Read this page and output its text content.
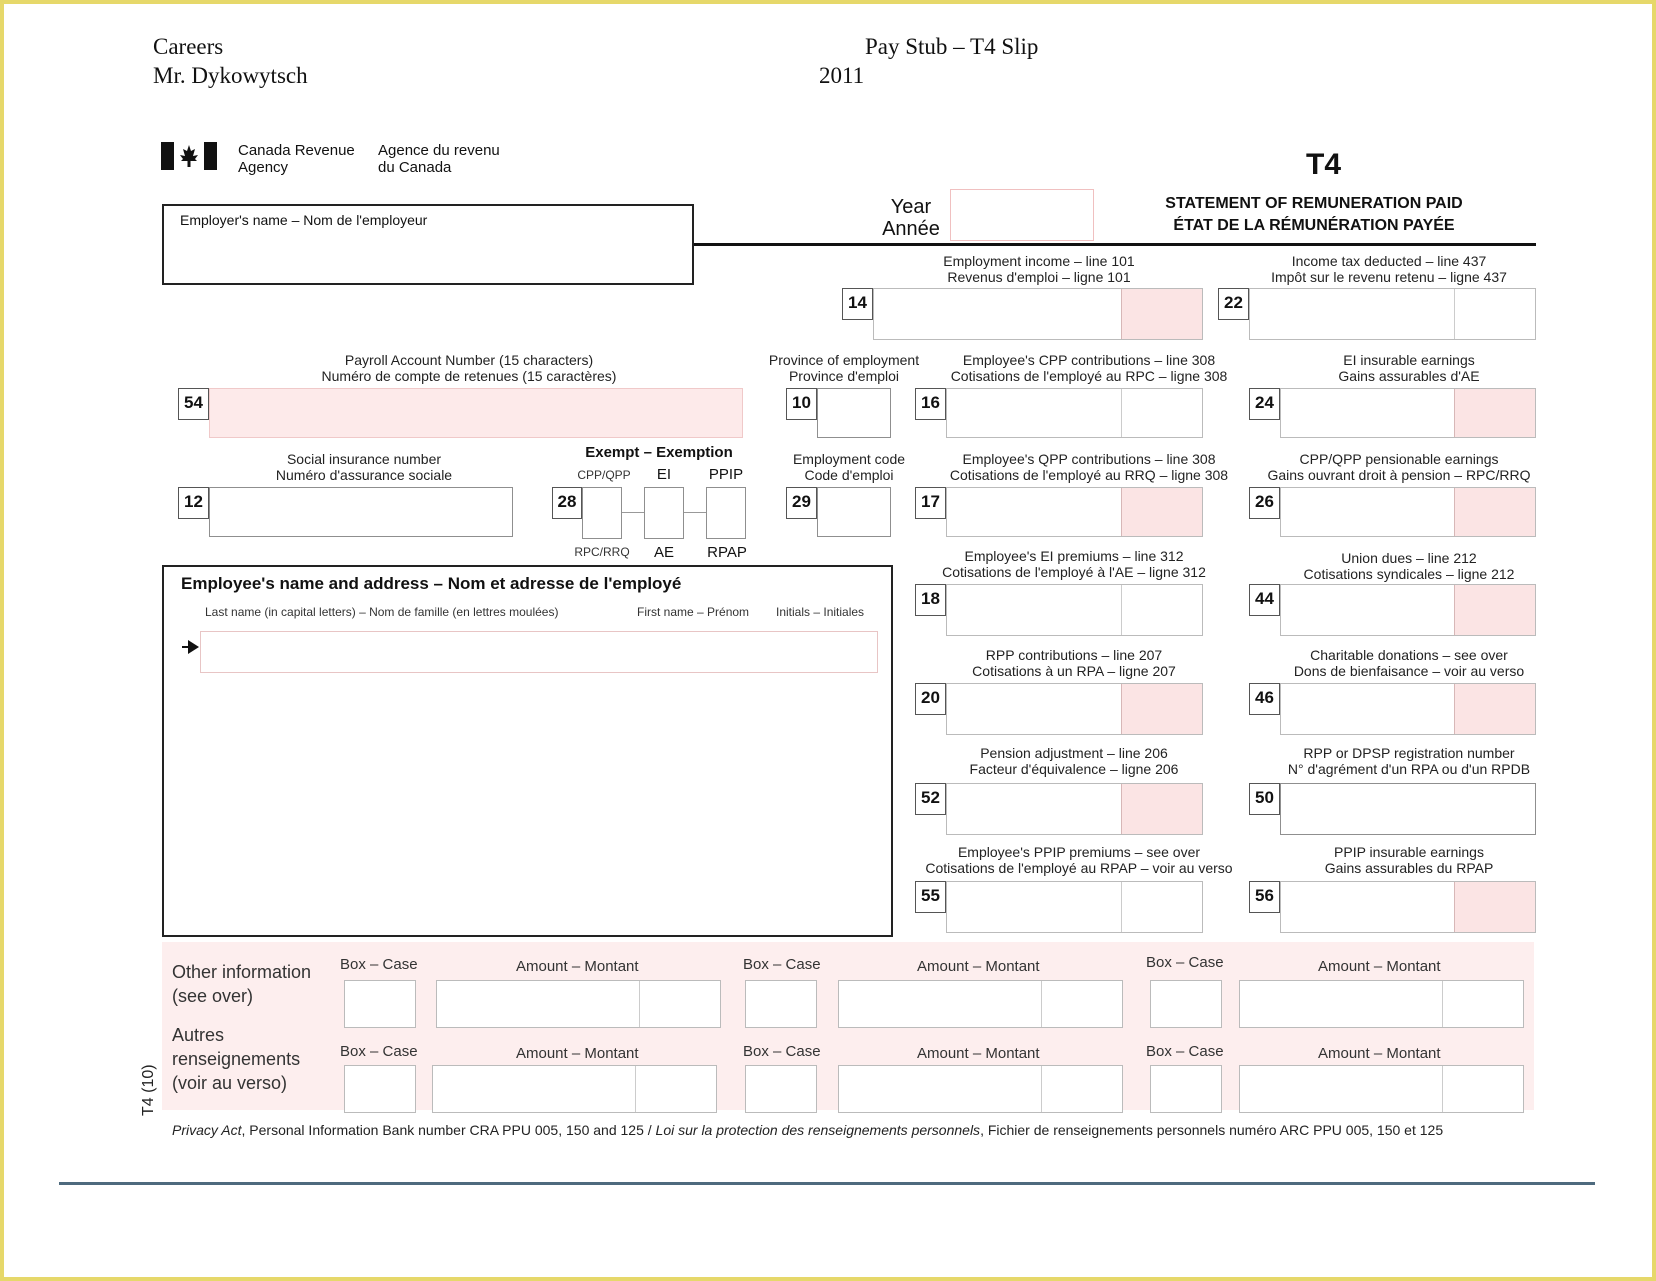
Careers
Mr. Dykowytsch
Pay Stub – T4 Slip
2011
Canada Revenue Agency
Agence du revenu du Canada	T4
STATEMENT OF REMUNERATION PAID
ÉTAT DE LA RÉMUNÉRATION PAYÉE
Year
Année
Employer's name – Nom de l'employeur
Employment income – line 101
Revenus d'emploi – ligne 101
14
Income tax deducted – line 437
Impôt sur le revenu retenu – ligne 437
22
Payroll Account Number (15 characters)
Numéro de compte de retenues (15 caractères)
54
Province of employment
Province d'emploi
10
Employee's CPP contributions – line 308
Cotisations de l'employé au RPC – ligne 308
16
EI insurable earnings
Gains assurables d'AE
24
Social insurance number
Numéro d'assurance sociale
12
Exempt – Exemption
CPP/QPP	EI	PPIP
28
RPC/RRQ	AE	RPAP
Employment code
Code d'emploi
29
Employee's QPP contributions – line 308
Cotisations de l'employé au RRQ – ligne 308
17
CPP/QPP pensionable earnings
Gains ouvrant droit à pension – RPC/RRQ
26
Employee's name and address – Nom et adresse de l'employé
Last name (in capital letters) – Nom de famille (en lettres moulées)	First name – Prénom Initials – Initiales
Employee's EI premiums – line 312
Cotisations de l'employé à l'AE – ligne 312
18
Union dues – line 212
Cotisations syndicales – ligne 212
44
RPP contributions – line 207
Cotisations à un RPA – ligne 207
20
Charitable donations – see over
Dons de bienfaisance – voir au verso
46
Pension adjustment – line 206
Facteur d'équivalence – ligne 206
52
RPP or DPSP registration number
N° d'agrément d'un RPA ou d'un RPDB
50
Employee's PPIP premiums – see over
Cotisations de l'employé au RPAP – voir au verso
55
PPIP insurable earnings
Gains assurables du RPAP
56
Other information
(see over)
Autres
renseignements
(voir au verso)
Box – Case	Amount – Montant
Box – Case	Amount – Montant
Box – Case	Amount – Montant
Box – Case	Amount – Montant
Box – Case	Amount – Montant
Box – Case	Amount – Montant
T4 (10)
Privacy Act, Personal Information Bank number CRA PPU 005, 150 and 125 / Loi sur la protection des renseignements personnels, Fichier de renseignements personnels numéro ARC PPU 005, 150 et 125
